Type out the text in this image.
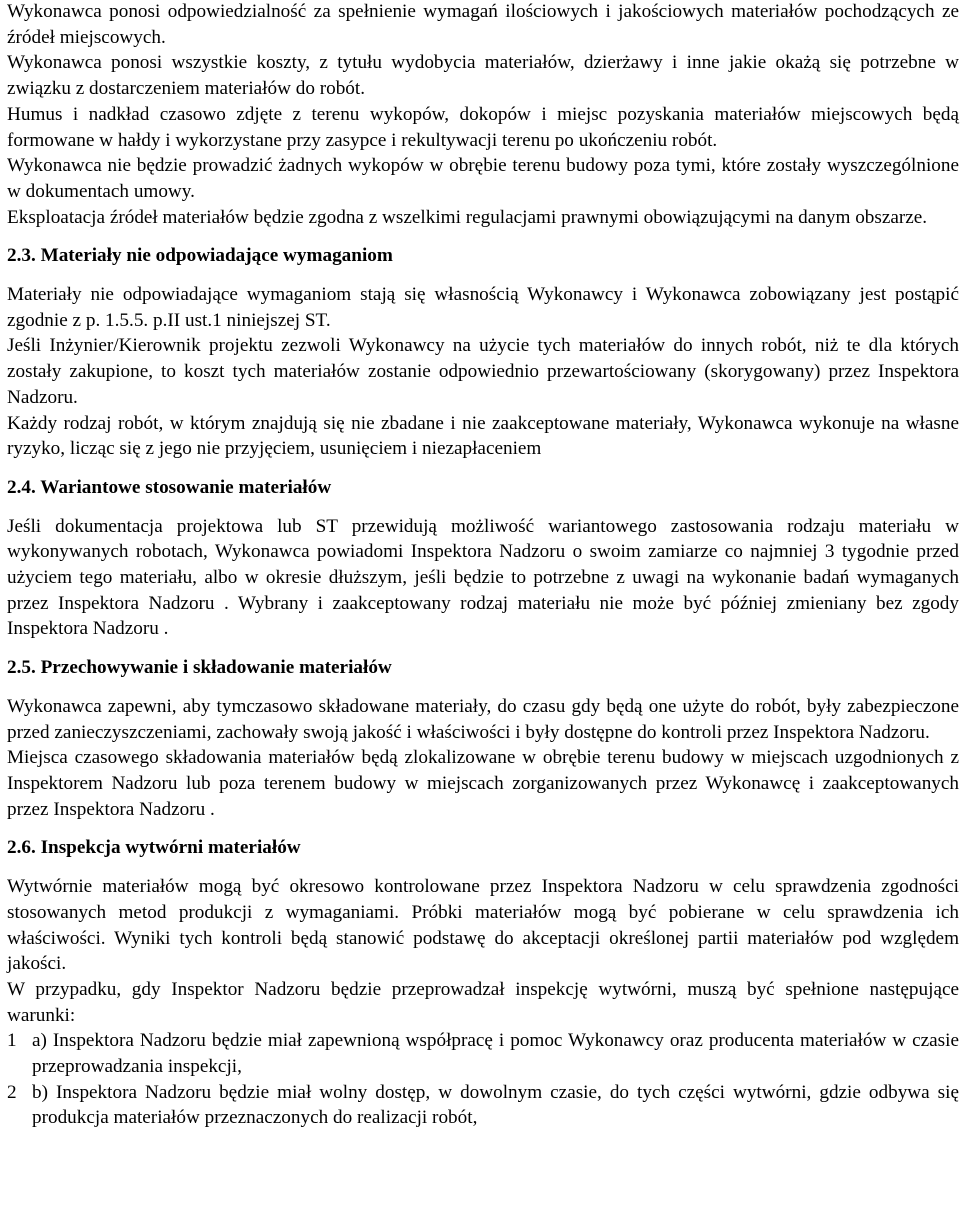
Wykonawca ponosi odpowiedzialność za spełnienie wymagań ilościowych i jakościowych materiałów pochodzących ze źródeł miejscowych.

Wykonawca ponosi wszystkie koszty, z tytułu wydobycia materiałów, dzierżawy i inne jakie okażą się potrzebne w związku z dostarczeniem materiałów do robót.

Humus i nadkład czasowo zdjęte z terenu wykopów, dokopów i miejsc pozyskania materiałów miejscowych będą formowane w hałdy i wykorzystane przy zasypce i rekultywacji terenu po ukończeniu robót.

Wykonawca nie będzie prowadzić żadnych wykopów w obrębie terenu budowy poza tymi, które zostały wyszczególnione w dokumentach umowy.

Eksploatacja źródeł materiałów będzie zgodna z wszelkimi regulacjami prawnymi obowiązującymi na danym obszarze.

2.3. Materiały nie odpowiadające wymaganiom

Materiały nie odpowiadające wymaganiom stają się własnością Wykonawcy i Wykonawca zobowiązany jest postąpić zgodnie z p. 1.5.5. p.II ust.1 niniejszej ST.

Jeśli Inżynier/Kierownik projektu zezwoli Wykonawcy na użycie tych materiałów do innych robót, niż te dla których zostały zakupione, to koszt tych materiałów zostanie odpowiednio przewartościowany (skorygowany) przez Inspektora Nadzoru.

Każdy rodzaj robót, w którym znajdują się nie zbadane i nie zaakceptowane materiały, Wykonawca wykonuje na własne ryzyko, licząc się z jego nie przyjęciem, usunięciem i niezapłaceniem

2.4. Wariantowe stosowanie materiałów

Jeśli dokumentacja projektowa lub ST przewidują możliwość wariantowego zastosowania rodzaju materiału w wykonywanych robotach, Wykonawca powiadomi Inspektora Nadzoru o swoim zamiarze co najmniej 3 tygodnie przed użyciem tego materiału, albo w okresie dłuższym, jeśli będzie to potrzebne z uwagi na wykonanie badań wymaganych przez Inspektora Nadzoru . Wybrany i zaakceptowany rodzaj materiału nie może być później zmieniany bez zgody Inspektora Nadzoru .

2.5. Przechowywanie i składowanie materiałów

Wykonawca zapewni, aby tymczasowo składowane materiały, do czasu gdy będą one użyte do robót, były zabezpieczone przed zanieczyszczeniami, zachowały swoją jakość i właściwości i były dostępne do kontroli przez Inspektora Nadzoru.

Miejsca czasowego składowania materiałów będą zlokalizowane w obrębie terenu budowy w miejscach uzgodnionych z Inspektorem Nadzoru lub poza terenem budowy w miejscach zorganizowanych przez Wykonawcę i zaakceptowanych przez Inspektora Nadzoru .

2.6. Inspekcja wytwórni materiałów

Wytwórnie materiałów mogą być okresowo kontrolowane przez Inspektora Nadzoru w celu sprawdzenia zgodności stosowanych metod produkcji z wymaganiami. Próbki materiałów mogą być pobierane w celu sprawdzenia ich właściwości. Wyniki tych kontroli będą stanowić podstawę do akceptacji określonej partii materiałów pod względem jakości.

W przypadku, gdy Inspektor Nadzoru będzie przeprowadzał inspekcję wytwórni, muszą być spełnione następujące warunki:

1 a) Inspektora Nadzoru będzie miał zapewnioną współpracę i pomoc Wykonawcy oraz producenta materiałów w czasie przeprowadzania inspekcji,
2 b) Inspektora Nadzoru będzie miał wolny dostęp, w dowolnym czasie, do tych części wytwórni, gdzie odbywa się produkcja materiałów przeznaczonych do realizacji robót,
